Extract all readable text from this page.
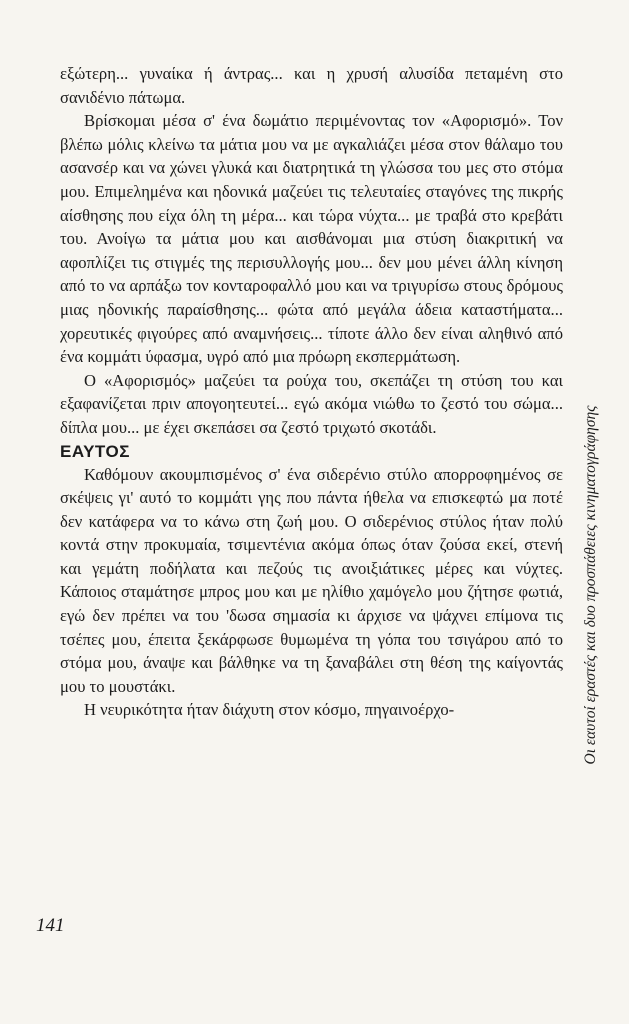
εξώτερη... γυναίκα ή άντρας... και η χρυσή αλυσίδα πεταμένη στο σανιδένιο πάτωμα.

Βρίσκομαι μέσα σ' ένα δωμάτιο περιμένοντας τον «Αφορισμό». Τον βλέπω μόλις κλείνω τα μάτια μου να με αγκαλιάζει μέσα στον θάλαμο του ασανσέρ και να χώνει γλυκά και διατρητικά τη γλώσσα του μες στο στόμα μου. Επιμελημένα και ηδονικά μαζεύει τις τελευταίες σταγόνες της πικρής αίσθησης που είχα όλη τη μέρα... και τώρα νύχτα... με τραβά στο κρεβάτι του. Ανοίγω τα μάτια μου και αισθάνομαι μια στύση διακριτική να αφοπλίζει τις στιγμές της περισυλλογής μου... δεν μου μένει άλλη κίνηση από το να αρπάξω τον κονταροφαλλό μου και να τριγυρίσω στους δρόμους μιας ηδονικής παραίσθησης... φώτα από μεγάλα άδεια καταστήματα... χορευτικές φιγούρες από αναμνήσεις... τίποτε άλλο δεν είναι αληθινό από ένα κομμάτι ύφασμα, υγρό από μια πρόωρη εκσπερμάτωση.

Ο «Αφορισμός» μαζεύει τα ρούχα του, σκεπάζει τη στύση του και εξαφανίζεται πριν απογοητευτεί... εγώ ακόμα νιώθω το ζεστό του σώμα... δίπλα μου... με έχει σκεπάσει σα ζεστό τριχωτό σκοτάδι.

ΕΑΥΤΟΣ

Καθόμουν ακουμπισμένος σ' ένα σιδερένιο στύλο απορροφημένος σε σκέψεις γι' αυτό το κομμάτι γης που πάντα ήθελα να επισκεφτώ μα ποτέ δεν κατάφερα να το κάνω στη ζωή μου. Ο σιδερένιος στύλος ήταν πολύ κοντά στην προκυμαία, τσιμεντένια ακόμα όπως όταν ζούσα εκεί, στενή και γεμάτη ποδήλατα και πεζούς τις ανοιξιάτικες μέρες και νύχτες. Κάποιος σταμάτησε μπρος μου και με ηλίθιο χαμόγελο μου ζήτησε φωτιά, εγώ δεν πρέπει να του 'δωσα σημασία κι άρχισε να ψάχνει επίμονα τις τσέπες μου, έπειτα ξεκάρφωσε θυμωμένα τη γόπα του τσιγάρου από το στόμα μου, άναψε και βάλθηκε να τη ξαναβάλει στη θέση της καίγοντάς μου το μουστάκι.

Η νευρικότητα ήταν διάχυτη στον κόσμο, πηγαινοέρχο-

141
Οι εαυτοί εραστές και δυο προσπάθειες κινηματογράφησης
